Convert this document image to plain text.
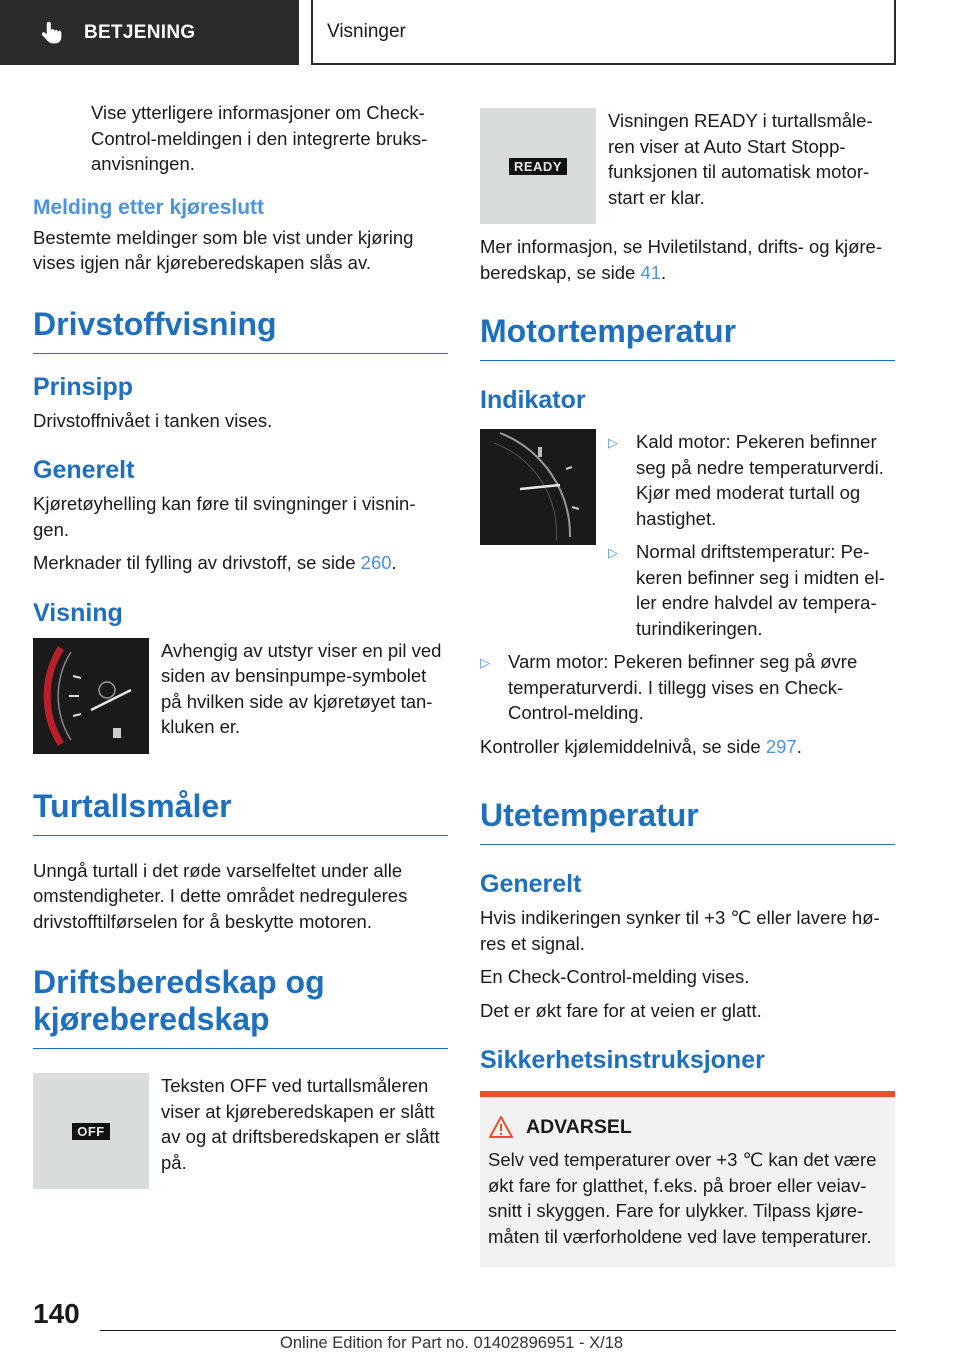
BETJENING	Visninger

Vise ytterligere informasjoner om Check-Control-meldingen i den integrerte bruks-anvisningen.

Melding etter kjøreslutt

Bestemte meldinger som ble vist under kjøring vises igjen når kjøreberedskapen slås av.

Drivstoffvisning
Prinsipp

Drivstoffnivået i tanken vises.

Generelt

Kjøretøyhelling kan føre til svingninger i visnin-gen.

Merknader til fylling av drivstoff, se side 260.

Visning

Avhengig av utstyr viser en pil ved siden av bensinpumpe-symbolet på hvilken side av kjøretøyet tan-kluken er.

Turtallsmåler

Unngå turtall i det røde varselfeltet under alle omstendigheter. I dette området nedreguleres drivstofftilførselen for å beskytte motoren.

Driftsberedskap og kjøreberedskap
OFF

Teksten OFF ved turtallsmåleren viser at kjøreberedskapen er slått av og at driftsberedskapen er slått på.

READY

Visningen READY i turtallsmåle-ren viser at Auto Start Stopp-funksjonen til automatisk motor-start er klar.

Mer informasjon, se Hviletilstand, drifts- og kjøre-beredskap, se side 41.

Motortemperatur
Indikator
▷ Kald motor: Pekeren befinner seg på nedre temperaturverdi. Kjør med moderat turtall og hastighet.
▷ Normal driftstemperatur: Pe-keren befinner seg i midten el-ler endre halvdel av tempera-turindikeringen.
▷ Varm motor: Pekeren befinner seg på øvre temperaturverdi. I tillegg vises en Check-Control-melding.

Kontroller kjølemiddelnivå, se side 297.

Utetemperatur
Generelt

Hvis indikeringen synker til +3 ℃ eller lavere hø-res et signal.

En Check-Control-melding vises.

Det er økt fare for at veien er glatt.

Sikkerhetsinstruksjoner
ADVARSEL

Selv ved temperaturer over +3 ℃ kan det være økt fare for glatthet, f.eks. på broer eller veiav-snitt i skyggen. Fare for ulykker. Tilpass kjøre-måten til værforholdene ved lave temperaturer.

140
Online Edition for Part no. 01402896951 - X/18
